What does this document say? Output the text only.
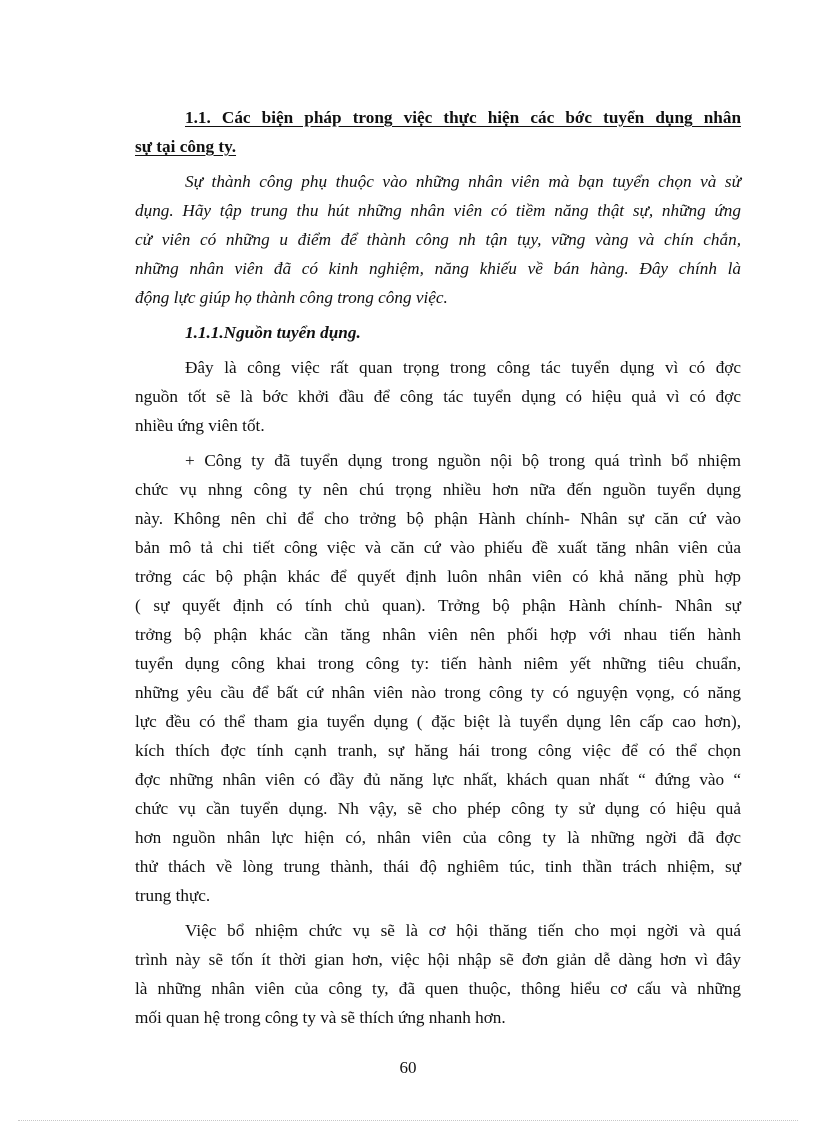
1.1. Các biện pháp trong việc thực hiện các bớc tuyển dụng nhân
sự tại công ty.
Sự thành công phụ thuộc vào những nhân viên mà bạn tuyển chọn và sử
dụng. Hãy tập trung thu hút những nhân viên có tiềm năng thật sự, những ứng
cử viên có những u điểm để thành công nh tận tụy, vững vàng và chín chắn,
những nhân viên đã có kinh nghiệm, năng khiếu về bán hàng. Đây chính là
động lực giúp họ thành công trong công việc.
1.1.1.Nguồn tuyển dụng.
Đây là công việc rất quan trọng trong công tác tuyển dụng vì có đợc
nguồn tốt sẽ là bớc khởi đầu để công tác tuyển dụng có hiệu quả vì có đợc
nhiều ứng viên tốt.
+ Công ty đã tuyển dụng trong nguồn nội bộ trong quá trình bổ nhiệm
chức vụ nhng công ty nên chú trọng nhiều hơn nữa đến nguồn tuyển dụng
này. Không nên chỉ để cho trởng bộ phận Hành chính- Nhân sự căn cứ vào
bản mô tả chi tiết công việc và căn cứ vào phiếu đề xuất tăng nhân viên của
trởng các bộ phận khác để quyết định luôn nhân viên có khả năng phù hợp
( sự quyết định có tính chủ quan). Trởng bộ phận Hành chính- Nhân sự
trởng bộ phận khác cần tăng nhân viên nên phối hợp với nhau tiến hành
tuyển dụng công khai trong công ty: tiến hành niêm yết những tiêu chuẩn,
những yêu cầu để bất cứ nhân viên nào trong công ty có nguyện vọng, có năng
lực đều có thể tham gia tuyển dụng ( đặc biệt là tuyển dụng lên cấp cao hơn),
kích thích đợc tính cạnh tranh, sự hăng hái trong công việc để có thể chọn
đợc những nhân viên có đầy đủ năng lực nhất, khách quan nhất “ đứng vào “
chức vụ cần tuyển dụng. Nh vậy, sẽ cho phép công ty sử dụng có hiệu quả
hơn nguồn nhân lực hiện có, nhân viên của công ty là những ngời đã đợc
thử thách về lòng trung thành, thái độ nghiêm túc, tinh thần trách nhiệm, sự
trung thực.
Việc bổ nhiệm chức vụ sẽ là cơ hội thăng tiến cho mọi ngời và quá
trình này sẽ tốn ít thời gian hơn, việc hội nhập sẽ đơn giản dễ dàng hơn vì đây
là những nhân viên của công ty, đã quen thuộc, thông hiểu cơ cấu và những
mối quan hệ trong công ty và sẽ thích ứng nhanh hơn.
60
